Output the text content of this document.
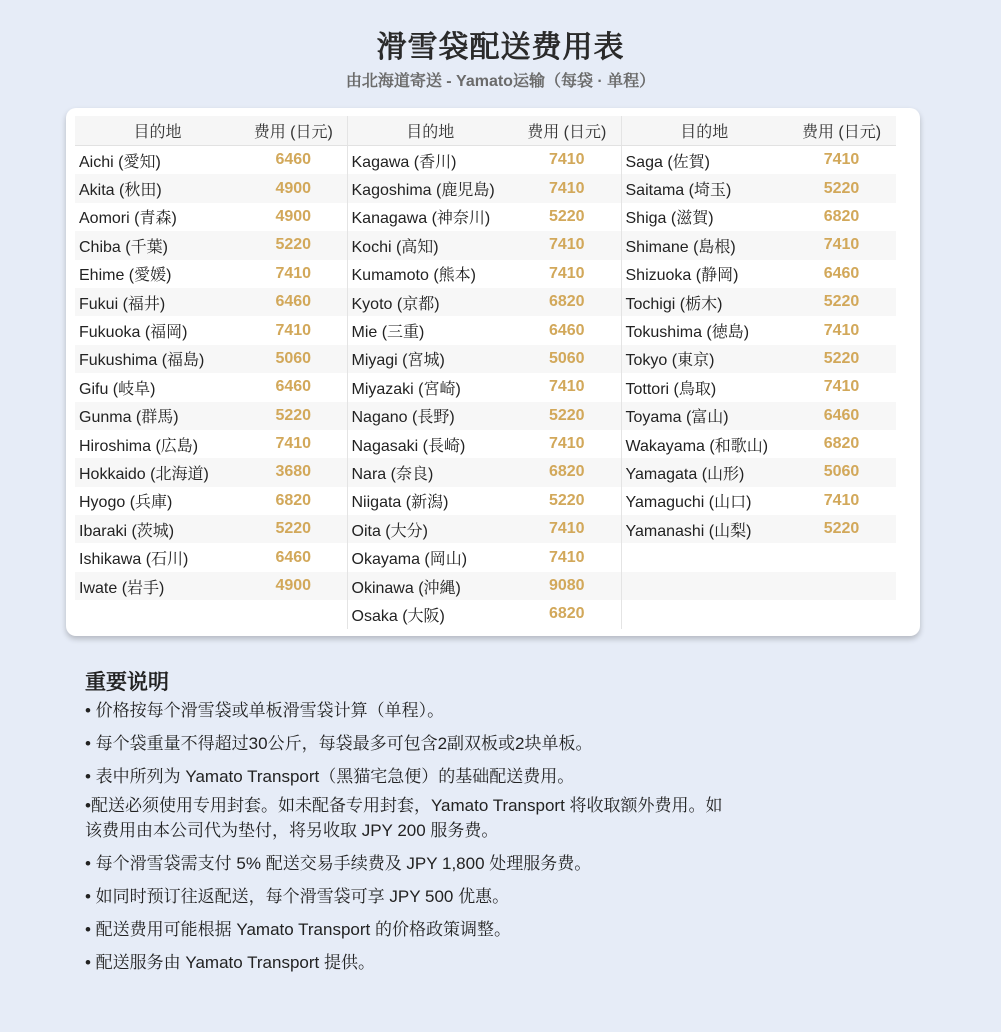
滑雪袋配送费用表
由北海道寄送 - Yamato运输（每袋 · 单程）
目的地	费用 (日元)	目的地	费用 (日元)	目的地	费用 (日元)
Aichi (愛知)	6460	Kagawa (香川)	7410	Saga (佐賀)	7410
Akita (秋田)	4900	Kagoshima (鹿児島)	7410	Saitama (埼玉)	5220
Aomori (青森)	4900	Kanagawa (神奈川)	5220	Shiga (滋賀)	6820
Chiba (千葉)	5220	Kochi (高知)	7410	Shimane (島根)	7410
Ehime (愛媛)	7410	Kumamoto (熊本)	7410	Shizuoka (静岡)	6460
Fukui (福井)	6460	Kyoto (京都)	6820	Tochigi (栃木)	5220
Fukuoka (福岡)	7410	Mie (三重)	6460	Tokushima (徳島)	7410
Fukushima (福島)	5060	Miyagi (宮城)	5060	Tokyo (東京)	5220
Gifu (岐阜)	6460	Miyazaki (宮崎)	7410	Tottori (鳥取)	7410
Gunma (群馬)	5220	Nagano (長野)	5220	Toyama (富山)	6460
Hiroshima (広島)	7410	Nagasaki (長崎)	7410	Wakayama (和歌山)	6820
Hokkaido (北海道)	3680	Nara (奈良)	6820	Yamagata (山形)	5060
Hyogo (兵庫)	6820	Niigata (新潟)	5220	Yamaguchi (山口)	7410
Ibaraki (茨城)	5220	Oita (大分)	7410	Yamanashi (山梨)	5220
Ishikawa (石川)	6460	Okayama (岡山)	7410		
Iwate (岩手)	4900	Okinawa (沖縄)	9080		
		Osaka (大阪)	6820		
重要说明
• 价格按每个滑雪袋或单板滑雪袋计算（单程）。
• 每个袋重量不得超过30公斤，每袋最多可包含2副双板或2块单板。
• 表中所列为 Yamato Transport（黑猫宅急便）的基础配送费用。
•配送必须使用专用封套。如未配备专用封套，Yamato Transport 将收取额外费用。如该费用由本公司代为垫付，将另收取 JPY 200 服务费。
• 每个滑雪袋需支付 5% 配送交易手续费及 JPY 1,800 处理服务费。
• 如同时预订往返配送，每个滑雪袋可享 JPY 500 优惠。
• 配送费用可能根据 Yamato Transport 的价格政策调整。
• 配送服务由 Yamato Transport 提供。
